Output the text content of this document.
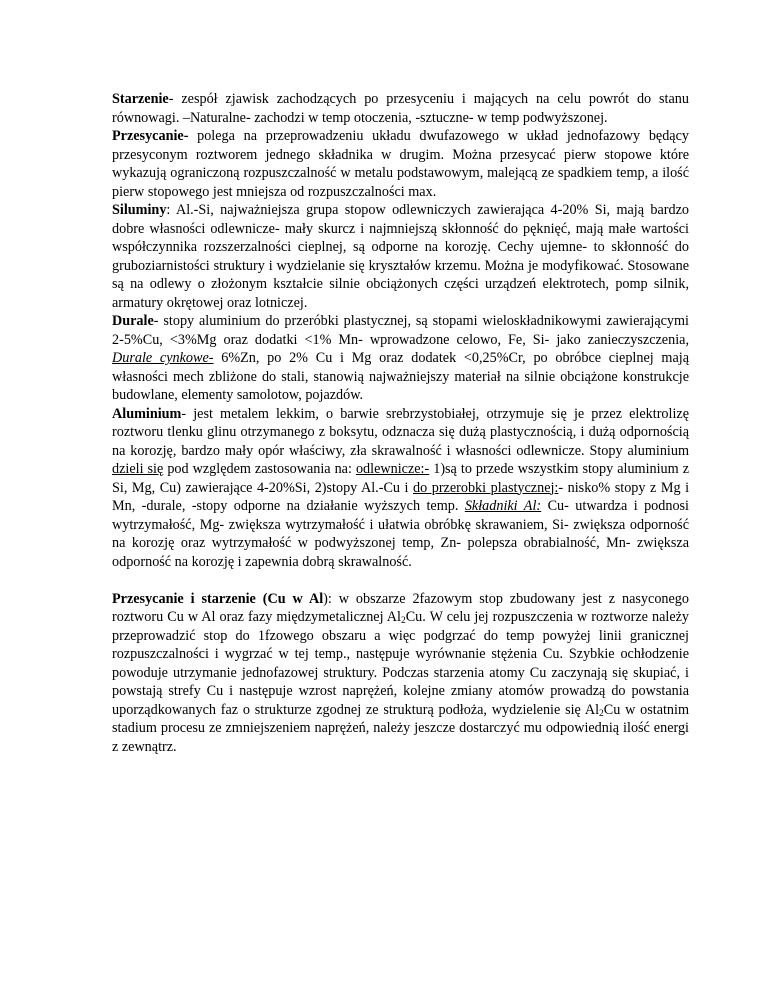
Starzenie- zespół zjawisk zachodzących po przesyceniu i mających na celu powrót do stanu równowagi. –Naturalne- zachodzi w temp otoczenia, -sztuczne- w temp podwyższonej.

Przesycanie- polega na przeprowadzeniu układu dwufazowego w układ jednofazowy będący przesyconym roztworem jednego składnika w drugim. Można przesycać pierw stopowe które wykazują ograniczoną rozpuszczalność w metalu podstawowym, malejącą ze spadkiem temp, a ilość pierw stopowego jest mniejsza od rozpuszczalności max.

Siluminy: Al.-Si, najważniejsza grupa stopow odlewniczych zawierająca 4-20% Si, mają bardzo dobre własności odlewnicze- mały skurcz i najmniejszą skłonność do pęknięć, mają małe wartości współczynnika rozszerzalności cieplnej, są odporne na korozję. Cechy ujemne- to skłonność do gruboziarnistości struktury i wydzielanie się kryształów krzemu. Można je modyfikować. Stosowane są na odlewy o złożonym kształcie silnie obciążonych części urządzeń elektrotech, pomp silnik, armatury okrętowej oraz lotniczej.

Durale- stopy aluminium do przeróbki plastycznej, są stopami wieloskładnikowymi zawierającymi 2-5%Cu, <3%Mg oraz dodatki <1% Mn- wprowadzone celowo, Fe, Si- jako zanieczyszczenia, Durale cynkowe- 6%Zn, po 2% Cu i Mg oraz dodatek <0,25%Cr, po obróbce cieplnej mają własności mech zbliżone do stali, stanowią najważniejszy materiał na silnie obciążone konstrukcje budowlane, elementy samolotow, pojazdów.

Aluminium- jest metalem lekkim, o barwie srebrzystobiałej, otrzymuje się je przez elektrolizę roztworu tlenku glinu otrzymanego z boksytu, odznacza się dużą plastycznością, i dużą odpornością na korozję, bardzo mały opór właściwy, zła skrawalność i własności odlewnicze. Stopy aluminium dzieli się pod względem zastosowania na: odlewnicze:- 1)są to przede wszystkim stopy aluminium z Si, Mg, Cu) zawierające 4-20%Si, 2)stopy Al.-Cu i do przerobki plastycznej:- nisko% stopy z Mg i Mn, -durale, -stopy odporne na działanie wyższych temp. Składniki Al: Cu- utwardza i podnosi wytrzymałość, Mg- zwiększa wytrzymałość i ułatwia obróbkę skrawaniem, Si- zwiększa odporność na korozję oraz wytrzymałość w podwyższonej temp, Zn- polepsza obrabialność, Mn- zwiększa odporność na korozję i zapewnia dobrą skrawalność.

Przesycanie i starzenie (Cu w Al): w obszarze 2fazowym stop zbudowany jest z nasyconego roztworu Cu w Al oraz fazy międzymetalicznej $Al_2Cu$. W celu jej rozpuszczenia w roztworze należy przeprowadzić stop do 1fzowego obszaru a więc podgrzać do temp powyżej linii granicznej rozpuszczalności i wygrzać w tej temp., następuje wyrównanie stężenia Cu. Szybkie ochłodzenie powoduje utrzymanie jednofazowej struktury. Podczas starzenia atomy Cu zaczynają się skupiać, i powstają strefy Cu i następuje wzrost naprężeń, kolejne zmiany atomów prowadzą do powstania uporządkowanych faz o strukturze zgodnej ze strukturą podłoża, wydzielenie się $Al_2Cu$ w ostatnim stadium procesu ze zmniejszeniem naprężeń, należy jeszcze dostarczyć mu odpowiednią ilość energi z zewnątrz.
